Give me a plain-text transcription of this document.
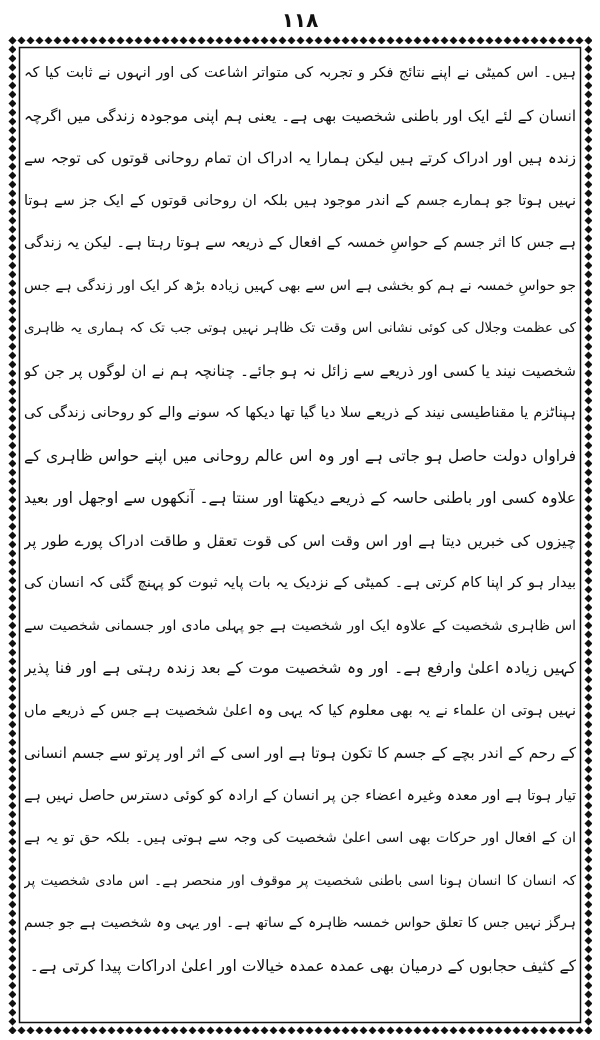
۱۱۸
ہیں۔ اس کمیٹی نے اپنے نتائج فکر و تجربہ کی متواتر اشاعت کی اور انہوں نے ثابت کیا کہ
انسان کے لئے ایک اور باطنی شخصیت بھی ہے۔ یعنی ہم اپنی موجودہ زندگی میں اگرچہ
زندہ ہیں اور ادراک کرتے ہیں لیکن ہمارا یہ ادراک ان تمام روحانی قوتوں کی توجہ سے
نہیں ہوتا جو ہمارے جسم کے اندر موجود ہیں بلکہ ان روحانی قوتوں کے ایک جز سے ہوتا
ہے جس کا اثر جسم کے حواسِ خمسہ کے افعال کے ذریعہ سے ہوتا رہتا ہے۔ لیکن یہ زندگی
جو حواسِ خمسہ نے ہم کو بخشی ہے اس سے بھی کہیں زیادہ بڑھ کر ایک اور زندگی ہے جس
کی عظمت وجلال کی کوئی نشانی اس وقت تک ظاہر نہیں ہوتی جب تک کہ ہماری یہ ظاہری
شخصیت نیند یا کسی اور ذریعے سے زائل نہ ہو جائے۔ چنانچہ ہم نے ان لوگوں پر جن کو
ہپناٹزم یا مقناطیسی نیند کے ذریعے سلا دیا گیا تھا دیکھا کہ سونے والے کو روحانی زندگی کی
فراواں دولت حاصل ہو جاتی ہے اور وہ اس عالم روحانی میں اپنے حواس ظاہری کے
علاوہ کسی اور باطنی حاسہ کے ذریعے دیکھتا اور سنتا ہے۔ آنکھوں سے اوجھل اور بعید
چیزوں کی خبریں دیتا ہے اور اس وقت اس کی قوت تعقل و طاقت ادراک پورے طور پر
بیدار ہو کر اپنا کام کرتی ہے۔ کمیٹی کے نزدیک یہ بات پایہ ثبوت کو پہنچ گئی کہ انسان کی
اس ظاہری شخصیت کے علاوہ ایک اور شخصیت ہے جو پہلی مادی اور جسمانی شخصیت سے
کہیں زیادہ اعلیٰ وارفع ہے۔ اور وہ شخصیت موت کے بعد زندہ رہتی ہے اور فنا پذیر
نہیں ہوتی ان علماء نے یہ بھی معلوم کیا کہ یہی وہ اعلیٰ شخصیت ہے جس کے ذریعے ماں
کے رحم کے اندر بچے کے جسم کا تکون ہوتا ہے اور اسی کے اثر اور پرتو سے جسم انسانی
تیار ہوتا ہے اور معدہ وغیرہ اعضاء جن پر انسان کے ارادہ کو کوئی دسترس حاصل نہیں ہے
ان کے افعال اور حرکات بھی اسی اعلیٰ شخصیت کی وجہ سے ہوتی ہیں۔ بلکہ حق تو یہ ہے
کہ انسان کا انسان ہونا اسی باطنی شخصیت پر موقوف اور منحصر ہے۔ اس مادی شخصیت پر
ہرگز نہیں جس کا تعلق حواس خمسہ ظاہرہ کے ساتھ ہے۔ اور یہی وہ شخصیت ہے جو جسم
کے کثیف حجابوں کے درمیان بھی عمدہ عمدہ خیالات اور اعلیٰ ادراکات پیدا کرتی ہے۔
